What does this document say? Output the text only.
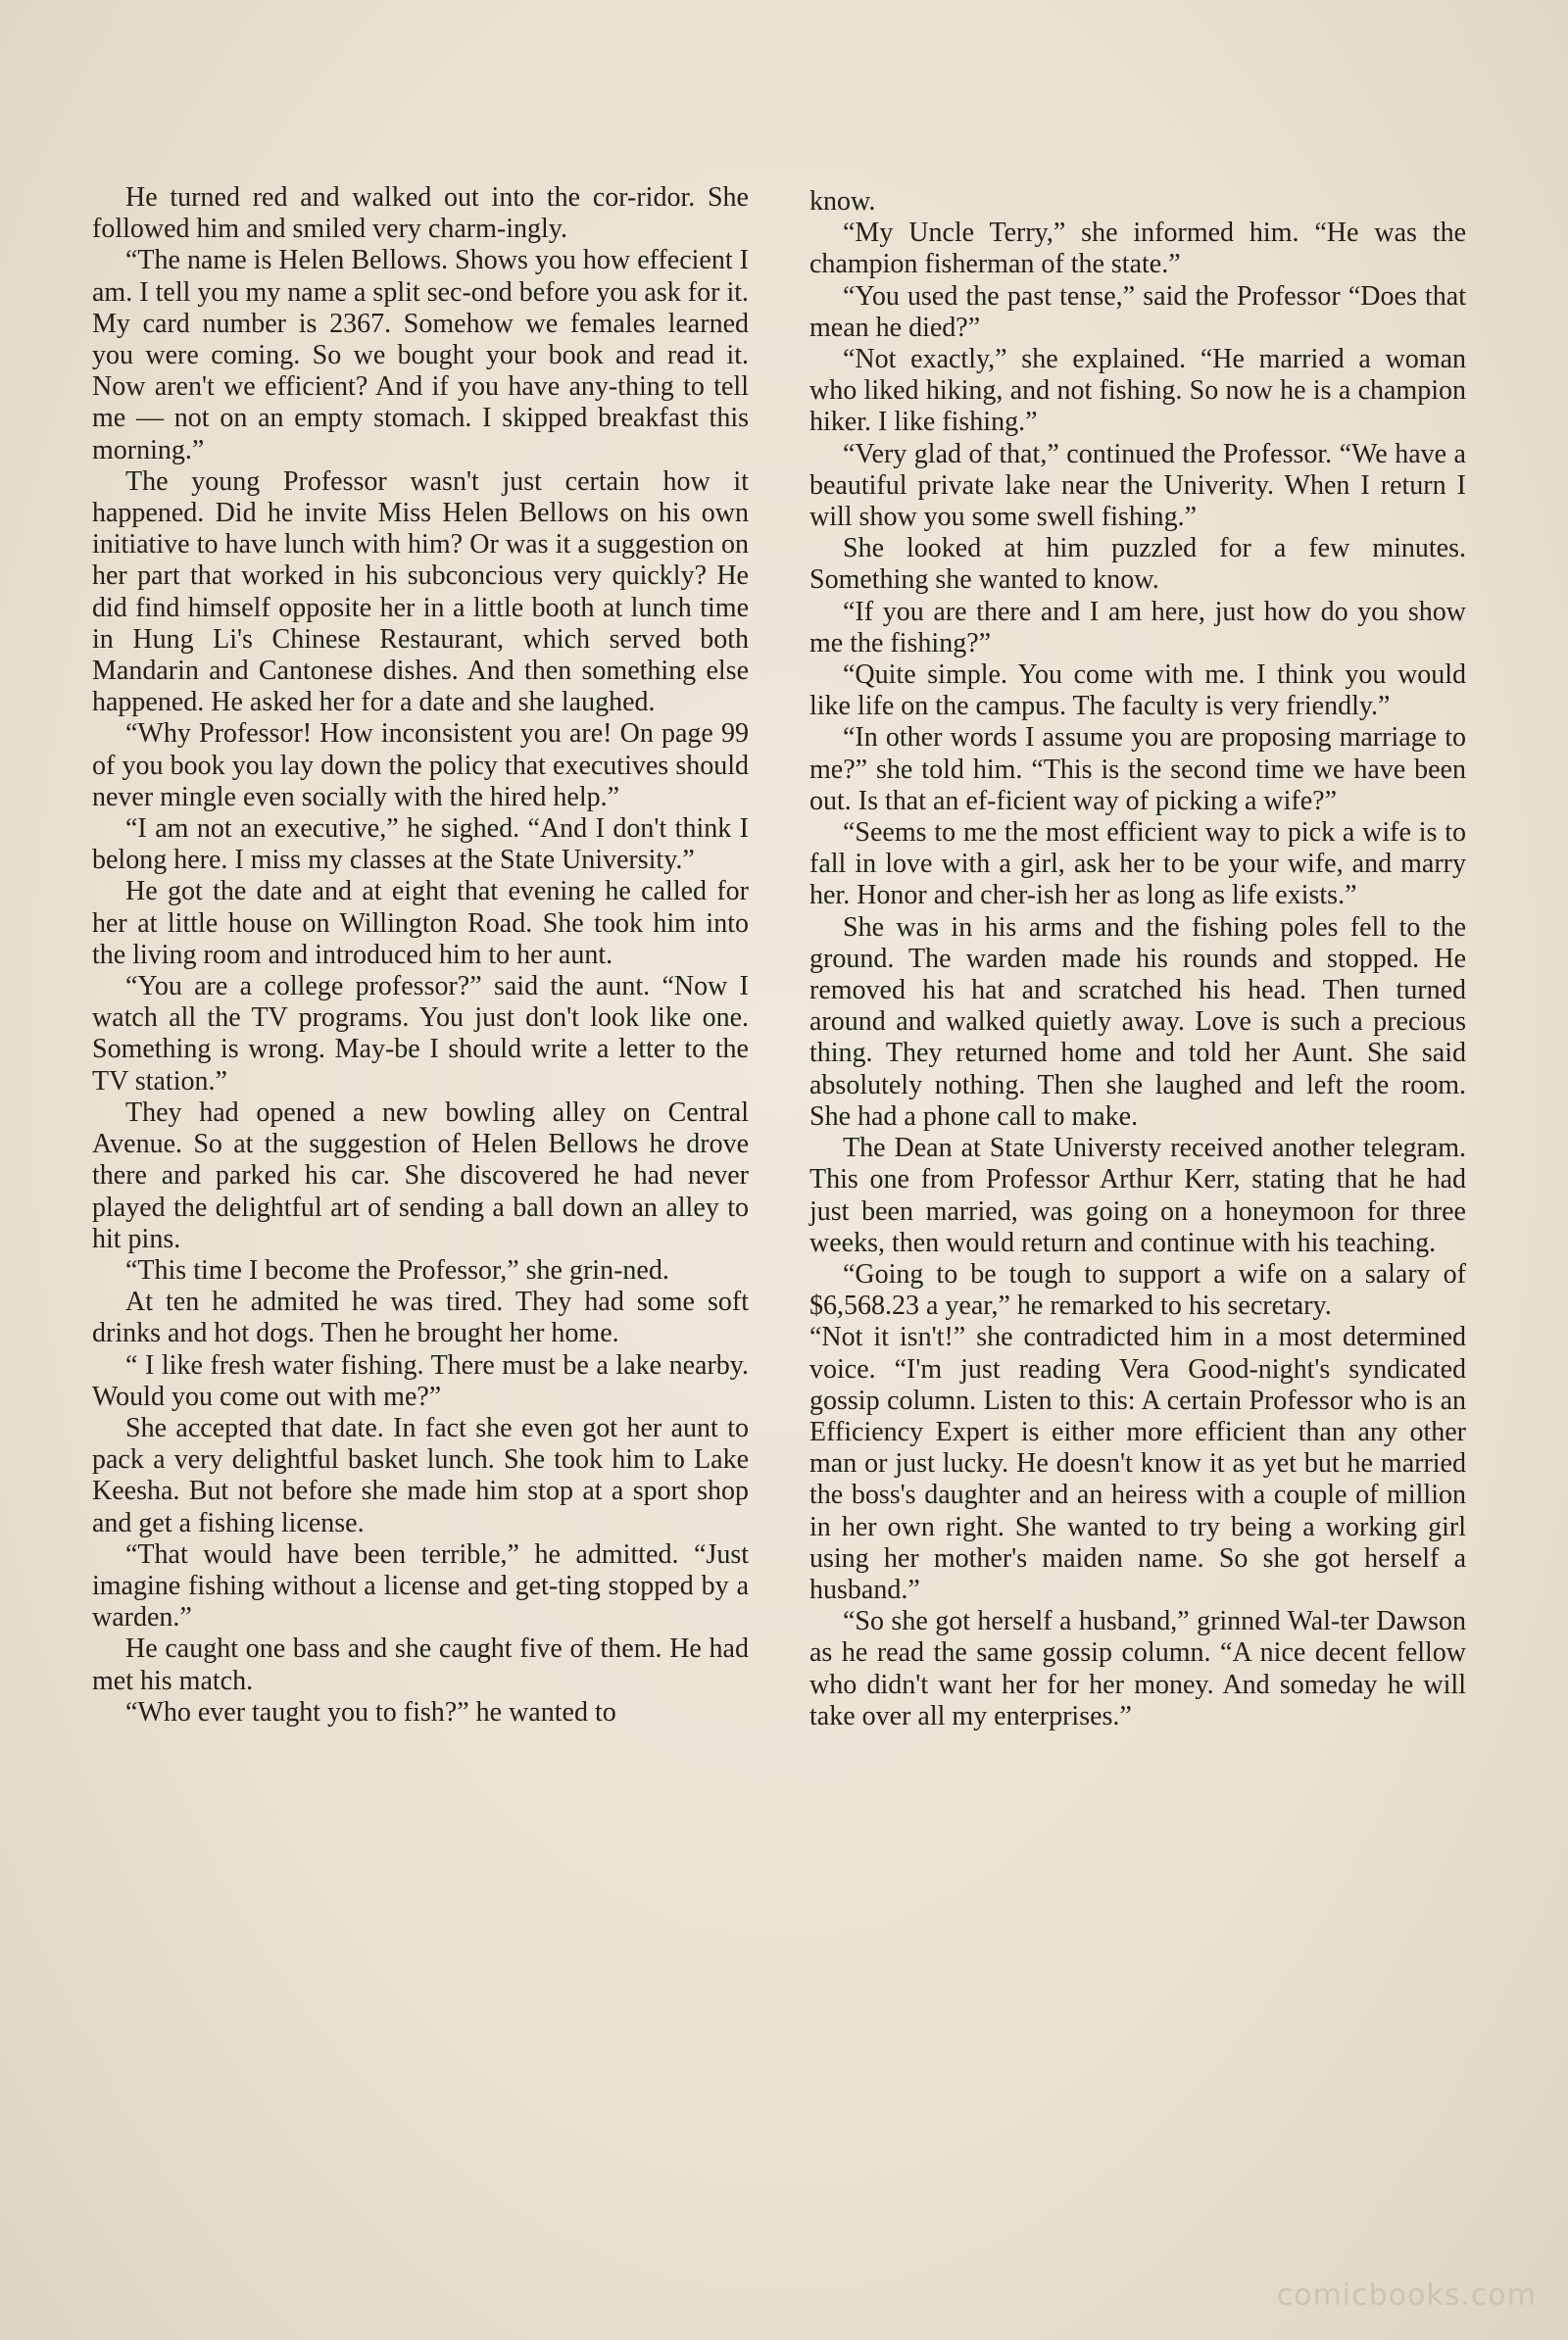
He turned red and walked out into the cor-ridor. She followed him and smiled very charm-ingly.

“The name is Helen Bellows. Shows you how effecient I am. I tell you my name a split sec-ond before you ask for it. My card number is 2367. Somehow we females learned you were coming. So we bought your book and read it. Now aren't we efficient? And if you have any-thing to tell me — not on an empty stomach. I skipped breakfast this morning.”

The young Professor wasn't just certain how it happened. Did he invite Miss Helen Bellows on his own initiative to have lunch with him? Or was it a suggestion on her part that worked in his subconcious very quickly? He did find himself opposite her in a little booth at lunch time in Hung Li's Chinese Restaurant, which served both Mandarin and Cantonese dishes. And then something else happened. He asked her for a date and she laughed.

“Why Professor! How inconsistent you are! On page 99 of you book you lay down the policy that executives should never mingle even socially with the hired help.”

“I am not an executive,” he sighed. “And I don't think I belong here. I miss my classes at the State University.”

He got the date and at eight that evening he called for her at little house on Willington Road. She took him into the living room and introduced him to her aunt.

“You are a college professor?” said the aunt. “Now I watch all the TV programs. You just don't look like one. Something is wrong. May-be I should write a letter to the TV station.”

They had opened a new bowling alley on Central Avenue. So at the suggestion of Helen Bellows he drove there and parked his car. She discovered he had never played the delightful art of sending a ball down an alley to hit pins.

“This time I become the Professor,” she grin-ned.

At ten he admited he was tired. They had some soft drinks and hot dogs. Then he brought her home.

“ I like fresh water fishing. There must be a lake nearby. Would you come out with me?”

She accepted that date. In fact she even got her aunt to pack a very delightful basket lunch. She took him to Lake Keesha. But not before she made him stop at a sport shop and get a fishing license.

“That would have been terrible,” he admitted. “Just imagine fishing without a license and get-ting stopped by a warden.”

He caught one bass and she caught five of them. He had met his match.

“Who ever taught you to fish?” he wanted to

know.

“My Uncle Terry,” she informed him. “He was the champion fisherman of the state.”

“You used the past tense,” said the Professor “Does that mean he died?”

“Not exactly,” she explained. “He married a woman who liked hiking, and not fishing. So now he is a champion hiker. I like fishing.”

“Very glad of that,” continued the Professor. “We have a beautiful private lake near the Univerity. When I return I will show you some swell fishing.”

She looked at him puzzled for a few minutes. Something she wanted to know.

“If you are there and I am here, just how do you show me the fishing?”

“Quite simple. You come with me. I think you would like life on the campus. The faculty is very friendly.”

“In other words I assume you are proposing marriage to me?” she told him. “This is the second time we have been out. Is that an ef-ficient way of picking a wife?”

“Seems to me the most efficient way to pick a wife is to fall in love with a girl, ask her to be your wife, and marry her. Honor and cher-ish her as long as life exists.”

She was in his arms and the fishing poles fell to the ground. The warden made his rounds and stopped. He removed his hat and scratched his head. Then turned around and walked quietly away. Love is such a precious thing. They returned home and told her Aunt. She said absolutely nothing. Then she laughed and left the room. She had a phone call to make.

The Dean at State Universty received another telegram. This one from Professor Arthur Kerr, stating that he had just been married, was going on a honeymoon for three weeks, then would return and continue with his teaching.

“Going to be tough to support a wife on a salary of $6,568.23 a year,” he remarked to his secretary.

“Not it isn't!” she contradicted him in a most determined voice. “I'm just reading Vera Good-night's syndicated gossip column. Listen to this: A certain Professor who is an Efficiency Expert is either more efficient than any other man or just lucky. He doesn't know it as yet but he married the boss's daughter and an heiress with a couple of million in her own right. She wanted to try being a working girl using her mother's maiden name. So she got herself a husband.”

“So she got herself a husband,” grinned Wal-ter Dawson as he read the same gossip column. “A nice decent fellow who didn't want her for her money. And someday he will take over all my enterprises.”

comicbooks.com
